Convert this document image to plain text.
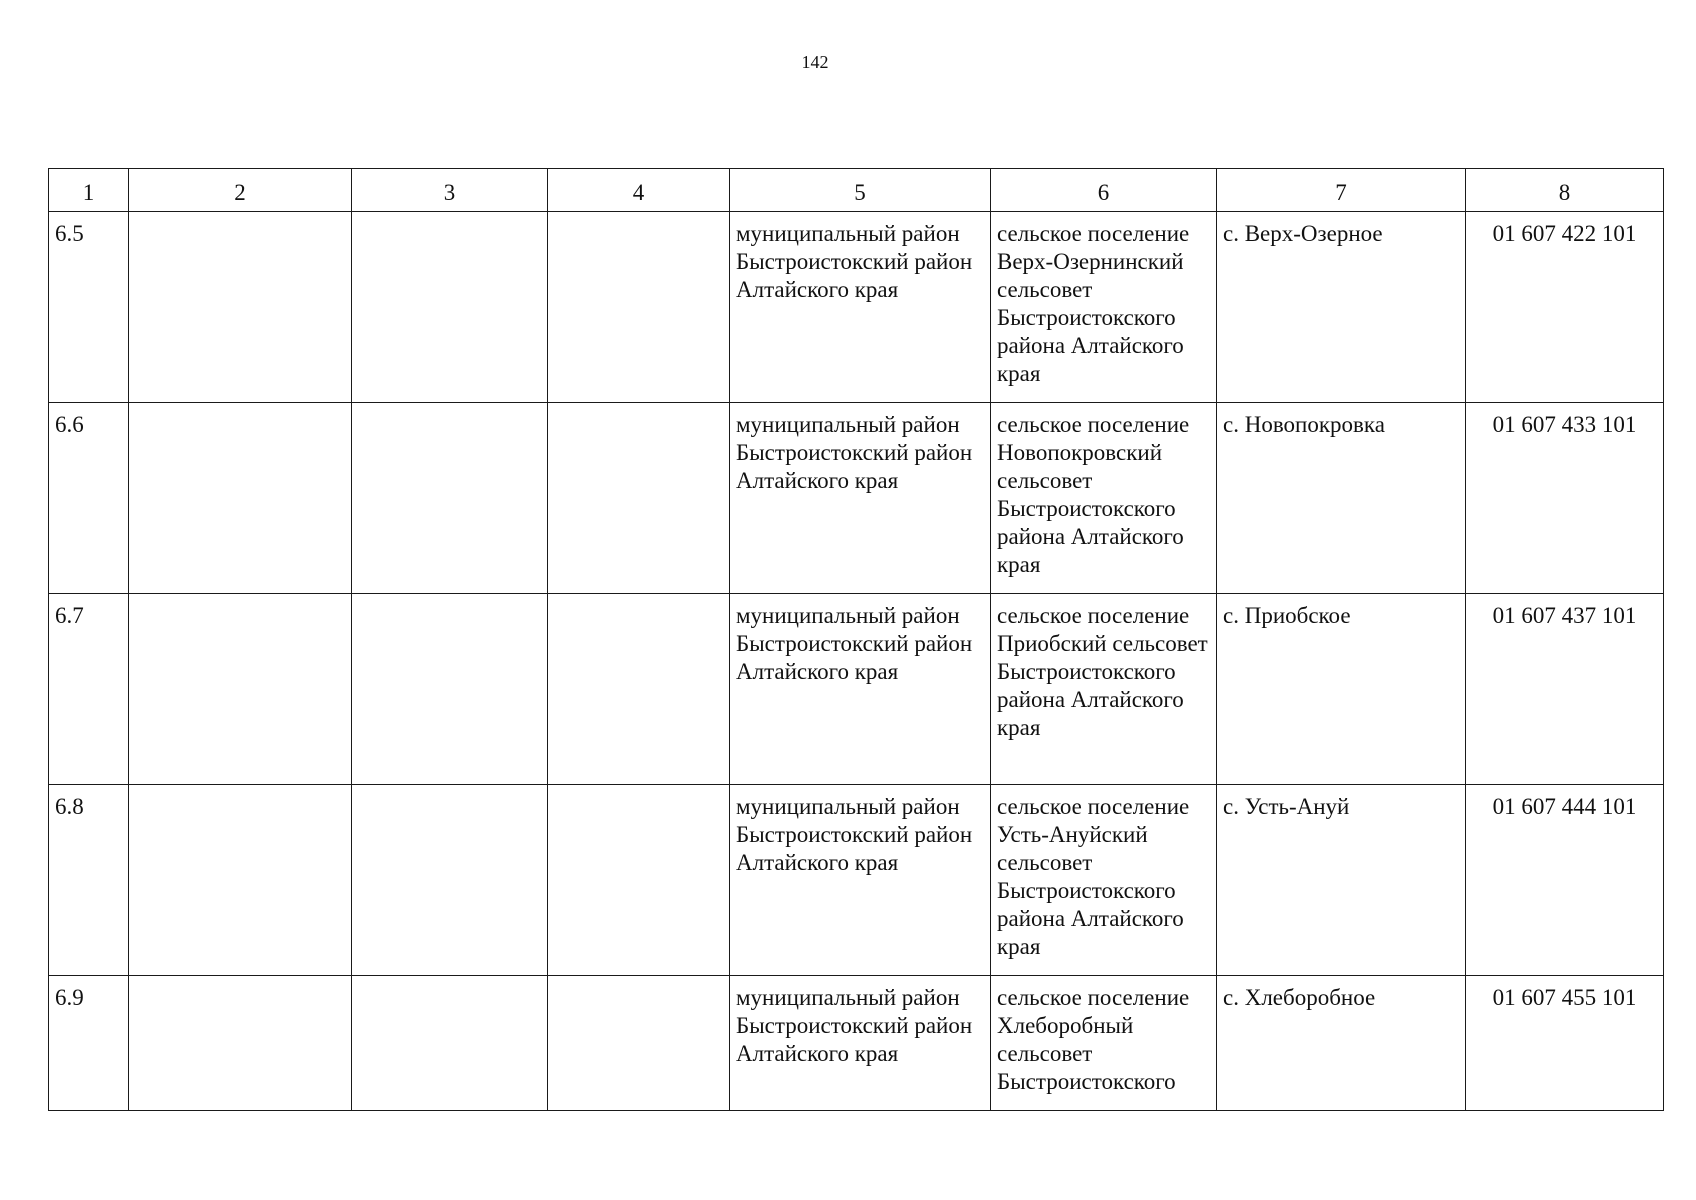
142
1	2	3	4	5	6	7	8
6.5				муниципальный район Быстроистокский район Алтайского края	сельское поселение Верх-Озернинский сельсовет Быстроистокского района Алтайского края	с. Верх-Озерное	01 607 422 101
6.6				муниципальный район Быстроистокский район Алтайского края	сельское поселение Новопокровский сельсовет Быстроистокского района Алтайского края	с. Новопокровка	01 607 433 101
6.7				муниципальный район Быстроистокский район Алтайского края	сельское поселение Приобский сельсовет Быстроистокского района Алтайского края	с. Приобское	01 607 437 101
6.8				муниципальный район Быстроистокский район Алтайского края	сельское поселение Усть-Ануйский сельсовет Быстроистокского района Алтайского края	с. Усть-Ануй	01 607 444 101
6.9				муниципальный район Быстроистокский район Алтайского края	сельское поселение Хлеборобный сельсовет Быстроистокского	с. Хлеборобное	01 607 455 101
